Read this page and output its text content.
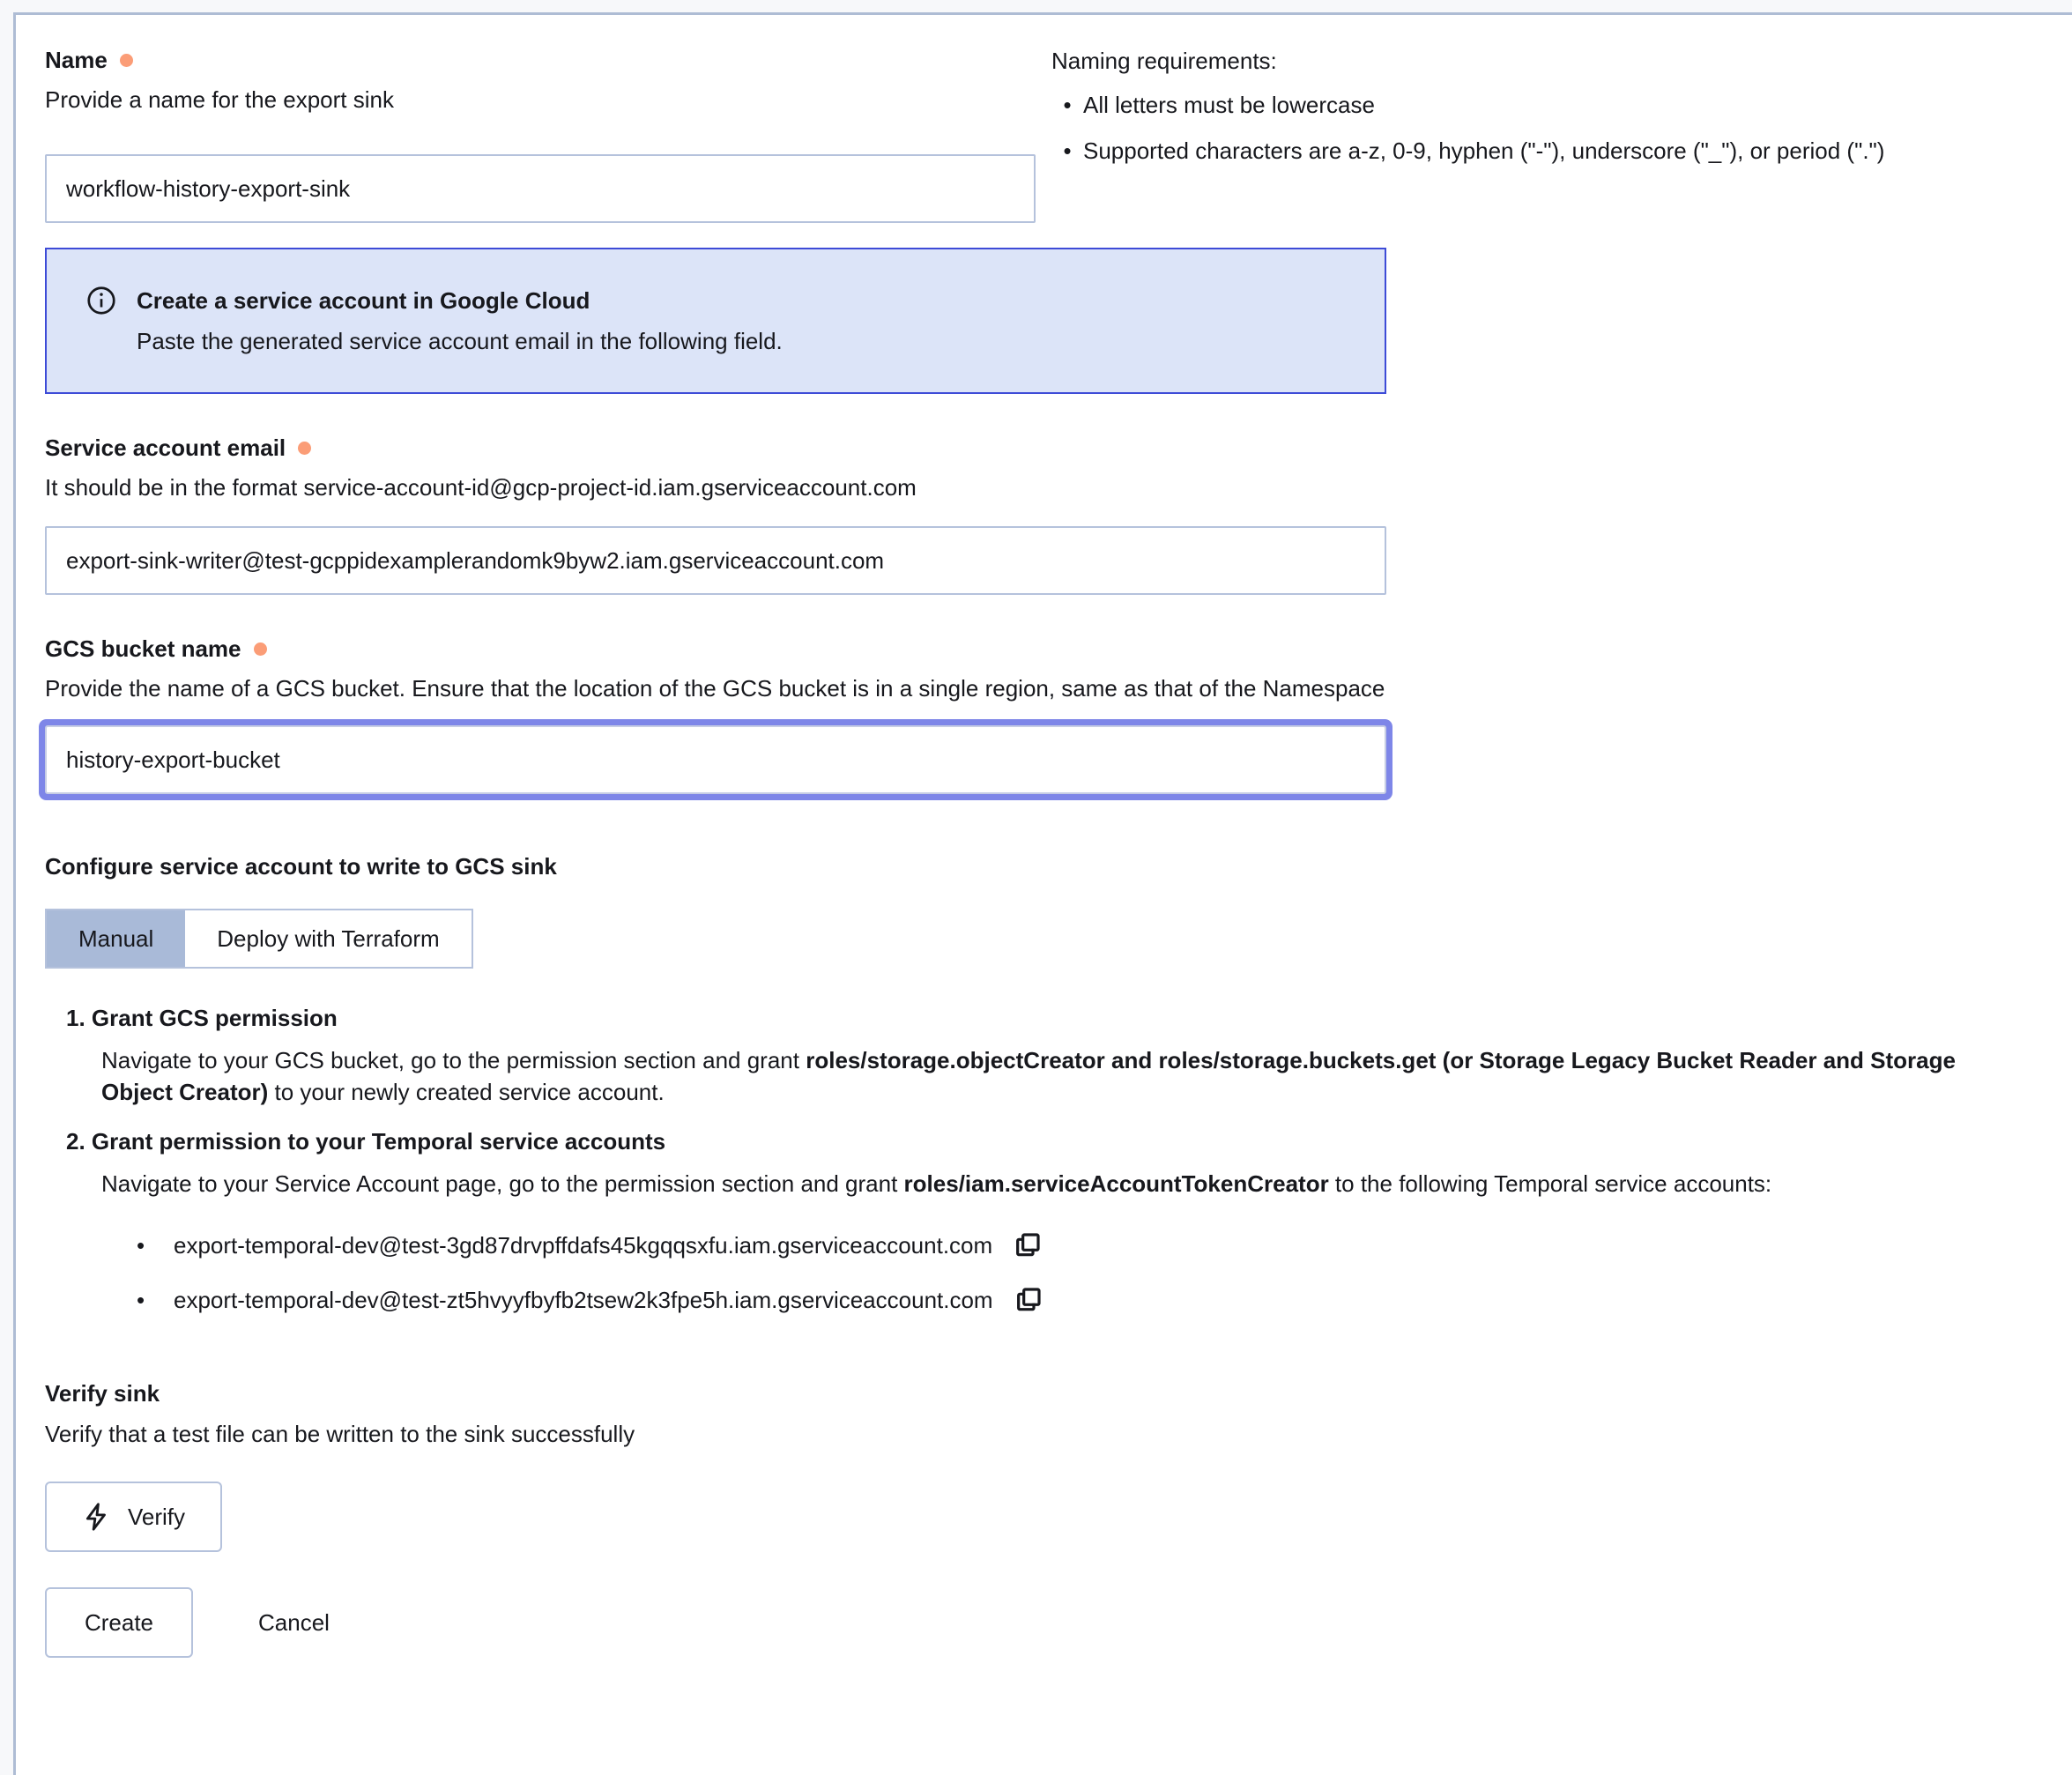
Name
Provide a name for the export sink
workflow-history-export-sink
Naming requirements:
• All letters must be lowercase
• Supported characters are a-z, 0-9, hyphen ("-"), underscore ("_"), or period (".")
Create a service account in Google Cloud
Paste the generated service account email in the following field.
Service account email
It should be in the format service-account-id@gcp-project-id.iam.gserviceaccount.com
export-sink-writer@test-gcppidexamplerandomk9byw2.iam.gserviceaccount.com
GCS bucket name
Provide the name of a GCS bucket. Ensure that the location of the GCS bucket is in a single region, same as that of the Namespace
history-export-bucket
Configure service account to write to GCS sink
Manual	Deploy with Terraform
1. Grant GCS permission
Navigate to your GCS bucket, go to the permission section and grant roles/storage.objectCreator and roles/storage.buckets.get (or Storage Legacy Bucket Reader and Storage Object Creator) to your newly created service account.
2. Grant permission to your Temporal service accounts
Navigate to your Service Account page, go to the permission section and grant roles/iam.serviceAccountTokenCreator to the following Temporal service accounts:
•	export-temporal-dev@test-3gd87drvpffdafs45kgqqsxfu.iam.gserviceaccount.com
•	export-temporal-dev@test-zt5hvyyfbyfb2tsew2k3fpe5h.iam.gserviceaccount.com
Verify sink
Verify that a test file can be written to the sink successfully
Verify
Create	Cancel
